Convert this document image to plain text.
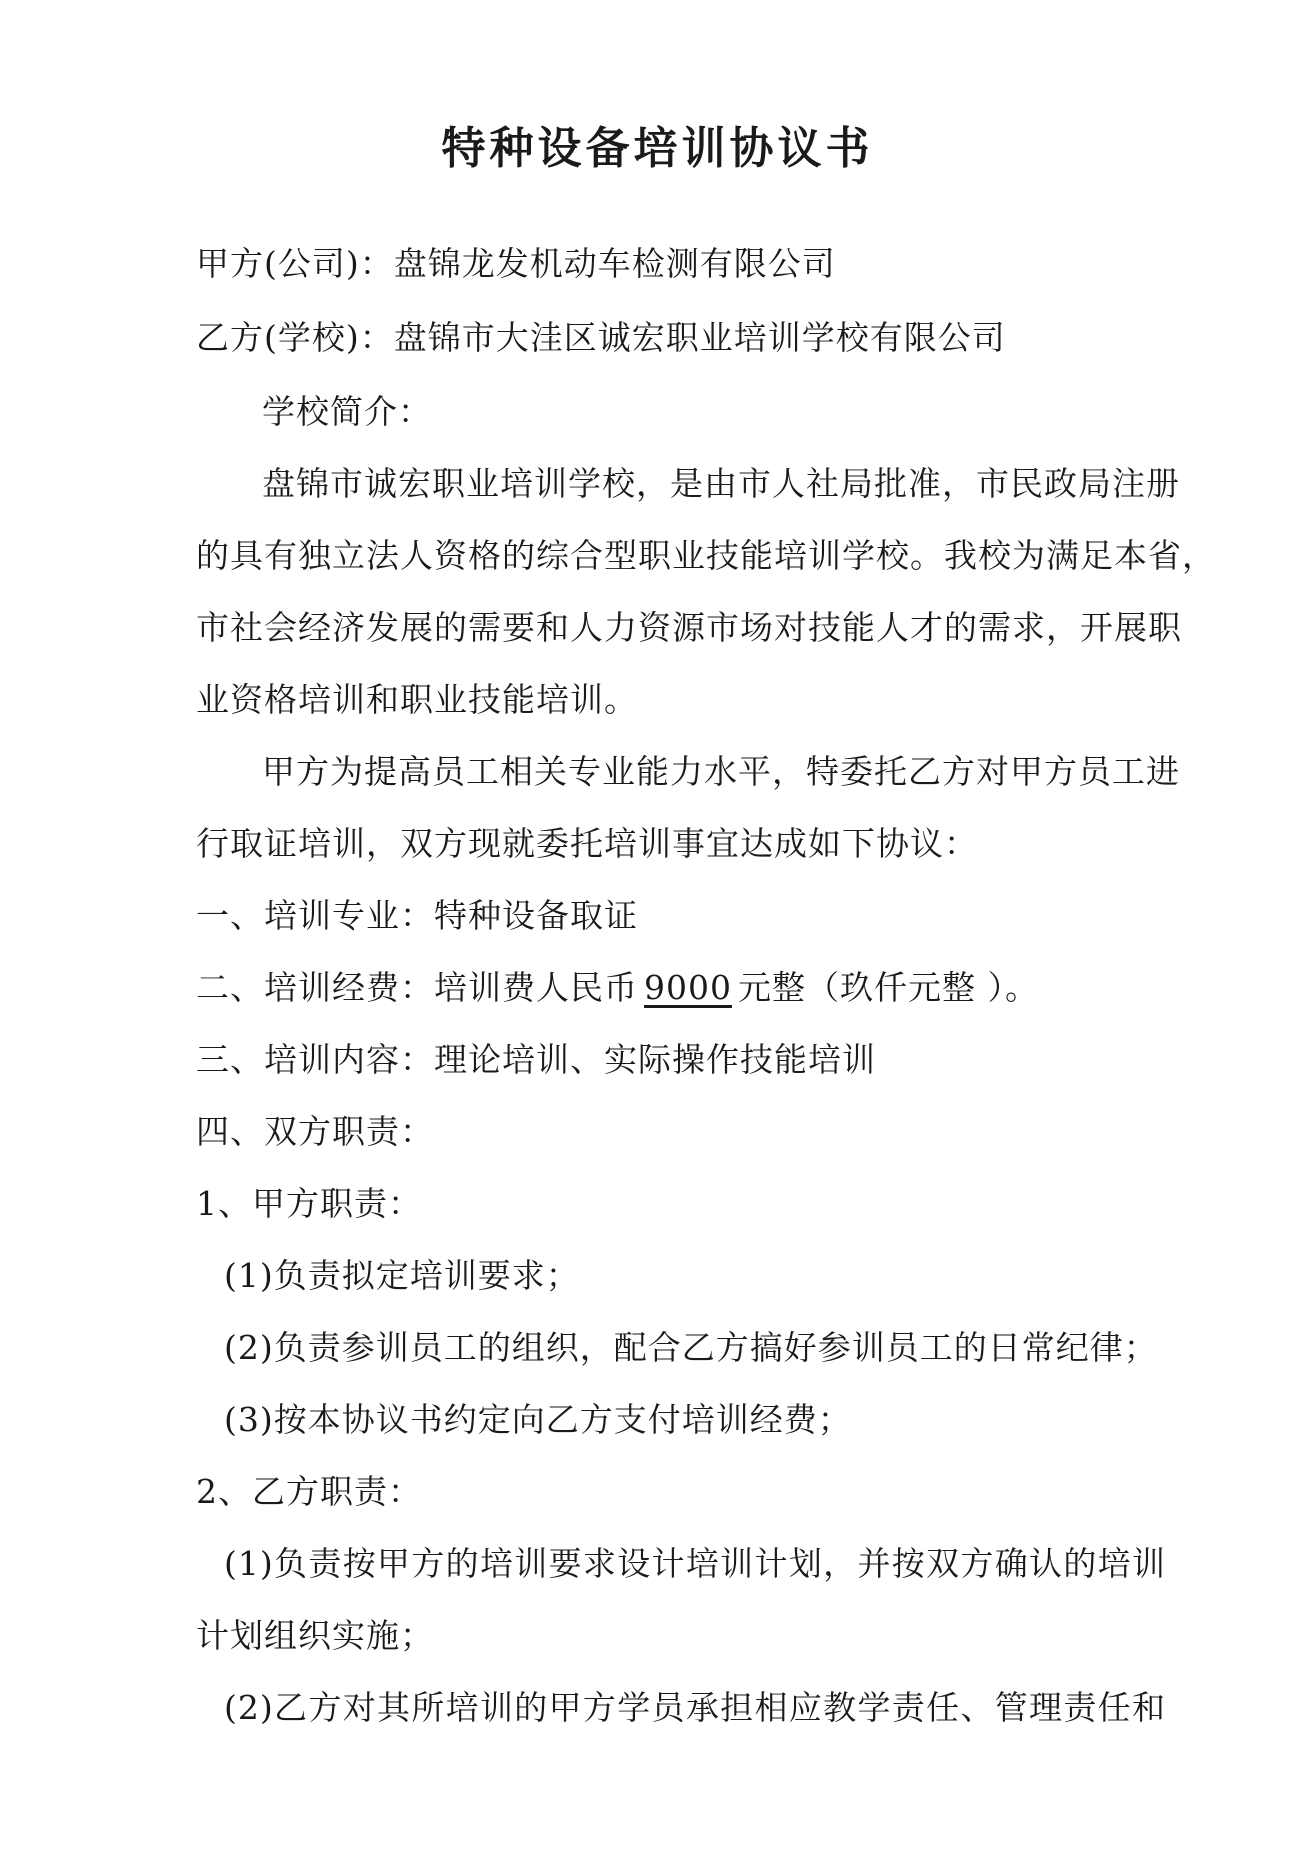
特种设备培训协议书
甲方(公司)：盘锦龙发机动车检测有限公司
乙方(学校)：盘锦市大洼区诚宏职业培训学校有限公司
学校简介：
盘锦市诚宏职业培训学校，是由市人社局批准，市民政局注册
的具有独立法人资格的综合型职业技能培训学校。我校为满足本省，
市社会经济发展的需要和人力资源市场对技能人才的需求，开展职
业资格培训和职业技能培训。
甲方为提高员工相关专业能力水平，特委托乙方对甲方员工进
行取证培训，双方现就委托培训事宜达成如下协议：
一、培训专业：特种设备取证
二、培训经费：培训费人民币 9000 元整（玖仟元整 ）。
三、培训内容：理论培训、实际操作技能培训
四、双方职责：
1、甲方职责：
(1)负责拟定培训要求；
(2)负责参训员工的组织，配合乙方搞好参训员工的日常纪律；
(3)按本协议书约定向乙方支付培训经费；
2、乙方职责：
(1)负责按甲方的培训要求设计培训计划，并按双方确认的培训
计划组织实施；
(2)乙方对其所培训的甲方学员承担相应教学责任、管理责任和
